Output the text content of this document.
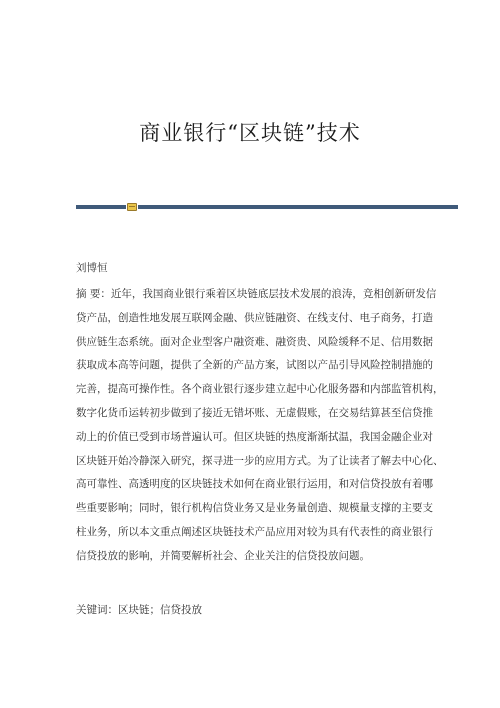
商业银行“区块链”技术
刘博恒
摘 要：近年，我国商业银行乘着区块链底层技术发展的浪涛，竞相创新研发信
贷产品，创造性地发展互联网金融、供应链融资、在线支付、电子商务，打造
供应链生态系统。面对企业型客户融资难、融资贵、风险缓释不足、信用数据
获取成本高等问题，提供了全新的产品方案，试图以产品引导风险控制措施的
完善，提高可操作性。各个商业银行逐步建立起中心化服务器和内部监管机构，
数字化货币运转初步做到了接近无错坏账、无虚假账，在交易结算甚至信贷推
动上的价值已受到市场普遍认可。但区块链的热度渐渐拭温，我国金融企业对
区块链开始冷静深入研究，探寻进一步的应用方式。为了让读者了解去中心化、
高可靠性、高透明度的区块链技术如何在商业银行运用，和对信贷投放有着哪
些重要影响；同时，银行机构信贷业务又是业务量创造、规模量支撑的主要支
柱业务，所以本文重点阐述区块链技术产品应用对较为具有代表性的商业银行
信贷投放的影响，并简要解析社会、企业关注的信贷投放问题。
关键词：区块链；信贷投放
